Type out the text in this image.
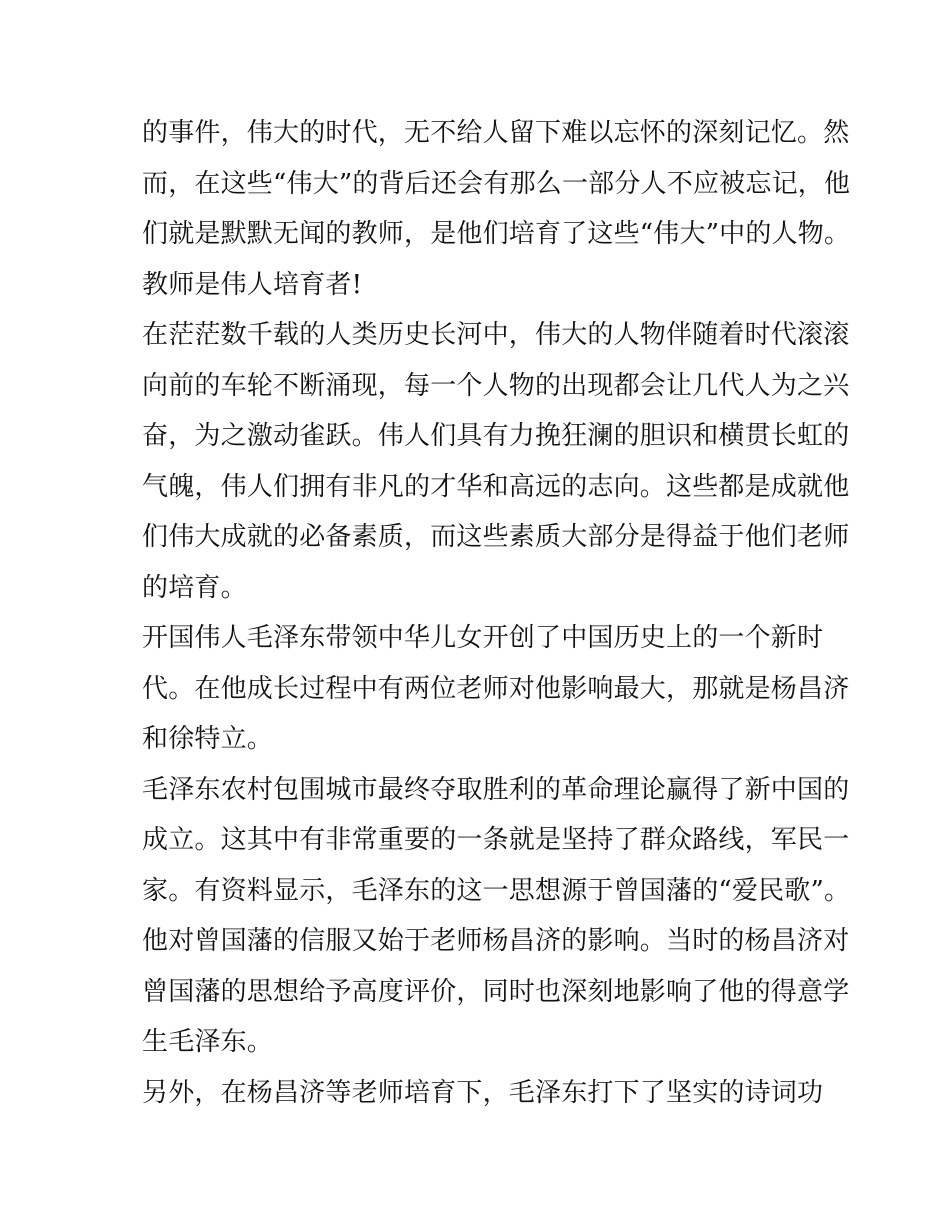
的事件，伟大的时代，无不给人留下难以忘怀的深刻记忆。然
而，在这些“伟大”的背后还会有那么一部分人不应被忘记，他
们就是默默无闻的教师，是他们培育了这些“伟大”中的人物。
教师是伟人培育者!
在茫茫数千载的人类历史长河中，伟大的人物伴随着时代滚滚
向前的车轮不断涌现，每一个人物的出现都会让几代人为之兴
奋，为之激动雀跃。伟人们具有力挽狂澜的胆识和横贯长虹的
气魄，伟人们拥有非凡的才华和高远的志向。这些都是成就他
们伟大成就的必备素质，而这些素质大部分是得益于他们老师
的培育。
开国伟人毛泽东带领中华儿女开创了中国历史上的一个新时
代。在他成长过程中有两位老师对他影响最大，那就是杨昌济
和徐特立。
毛泽东农村包围城市最终夺取胜利的革命理论赢得了新中国的
成立。这其中有非常重要的一条就是坚持了群众路线，军民一
家。有资料显示，毛泽东的这一思想源于曾国藩的“爱民歌”。
他对曾国藩的信服又始于老师杨昌济的影响。当时的杨昌济对
曾国藩的思想给予高度评价，同时也深刻地影响了他的得意学
生毛泽东。
另外，在杨昌济等老师培育下，毛泽东打下了坚实的诗词功
